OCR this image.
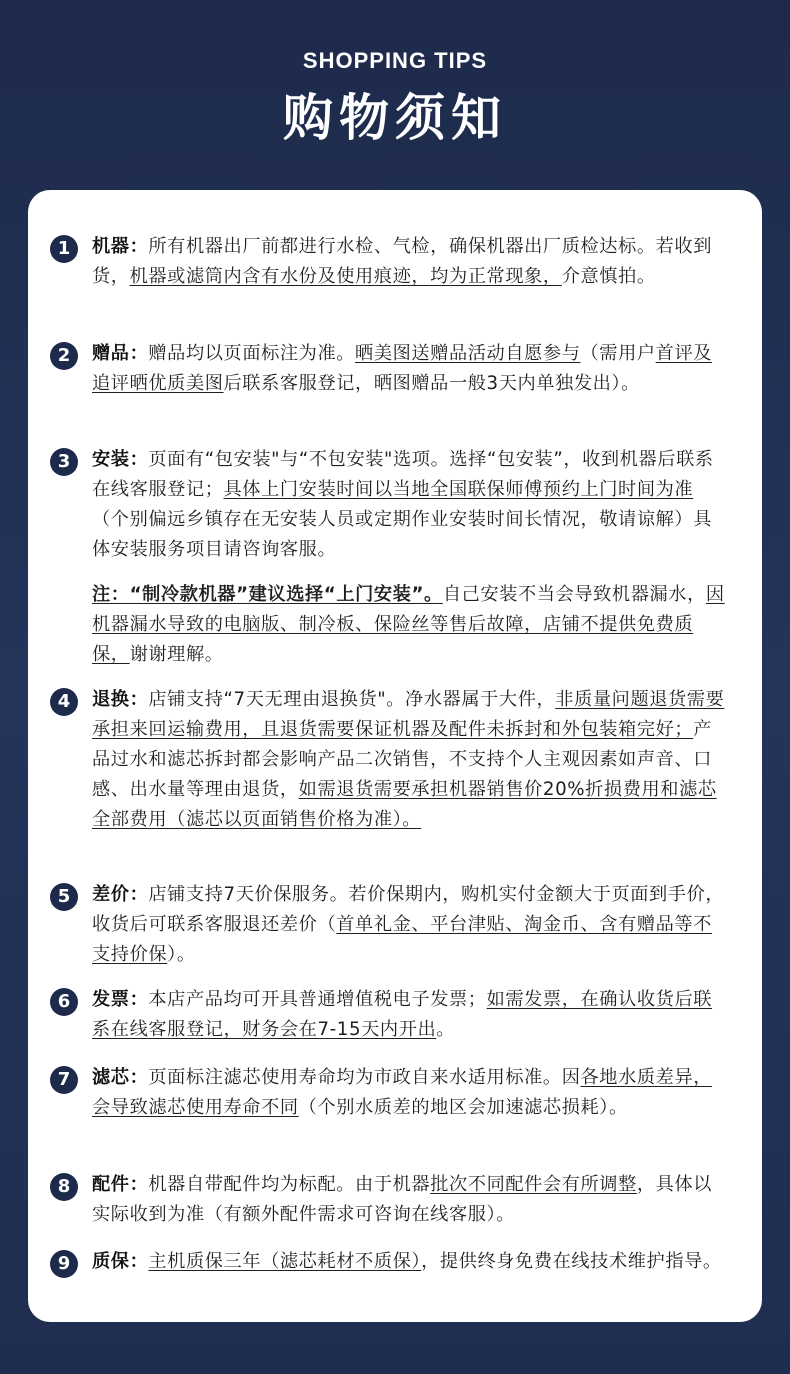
SHOPPING TIPS
购物须知
1	机器：所有机器出厂前都进行水检、气检，确保机器出厂质检达标。若收到货，机器或滤筒内含有水份及使用痕迹，均为正常现象，介意慎拍。
2	赠品：赠品均以页面标注为准。晒美图送赠品活动自愿参与（需用户首评及追评晒优质美图后联系客服登记，晒图赠品一般3天内单独发出）。
3	安装：页面有“包安装"与“不包安装"选项。选择“包安装”，收到机器后联系在线客服登记；具体上门安装时间以当地全国联保师傅预约上门时间为准（个别偏远乡镇存在无安装人员或定期作业安装时间长情况，敬请谅解）具体安装服务项目请咨询客服。
注：“制冷款机器”建议选择“上门安装”。自己安装不当会导致机器漏水，因机器漏水导致的电脑版、制冷板、保险丝等售后故障，店铺不提供免费质保，谢谢理解。
4	退换：店铺支持“7天无理由退换货"。净水器属于大件，非质量问题退货需要承担来回运输费用，且退货需要保证机器及配件未拆封和外包装箱完好；产品过水和滤芯拆封都会影响产品二次销售，不支持个人主观因素如声音、口感、出水量等理由退货，如需退货需要承担机器销售价20%折损费用和滤芯全部费用（滤芯以页面销售价格为准）。
5	差价：店铺支持7天价保服务。若价保期内，购机实付金额大于页面到手价，收货后可联系客服退还差价（首单礼金、平台津贴、淘金币、含有赠品等不支持价保）。
6	发票：本店产品均可开具普通增值税电子发票；如需发票，在确认收货后联系在线客服登记，财务会在7-15天内开出。
7	滤芯：页面标注滤芯使用寿命均为市政自来水适用标准。因各地水质差异，会导致滤芯使用寿命不同（个别水质差的地区会加速滤芯损耗）。
8	配件：机器自带配件均为标配。由于机器批次不同配件会有所调整，具体以实际收到为准（有额外配件需求可咨询在线客服）。
9	质保：主机质保三年（滤芯耗材不质保），提供终身免费在线技术维护指导。
